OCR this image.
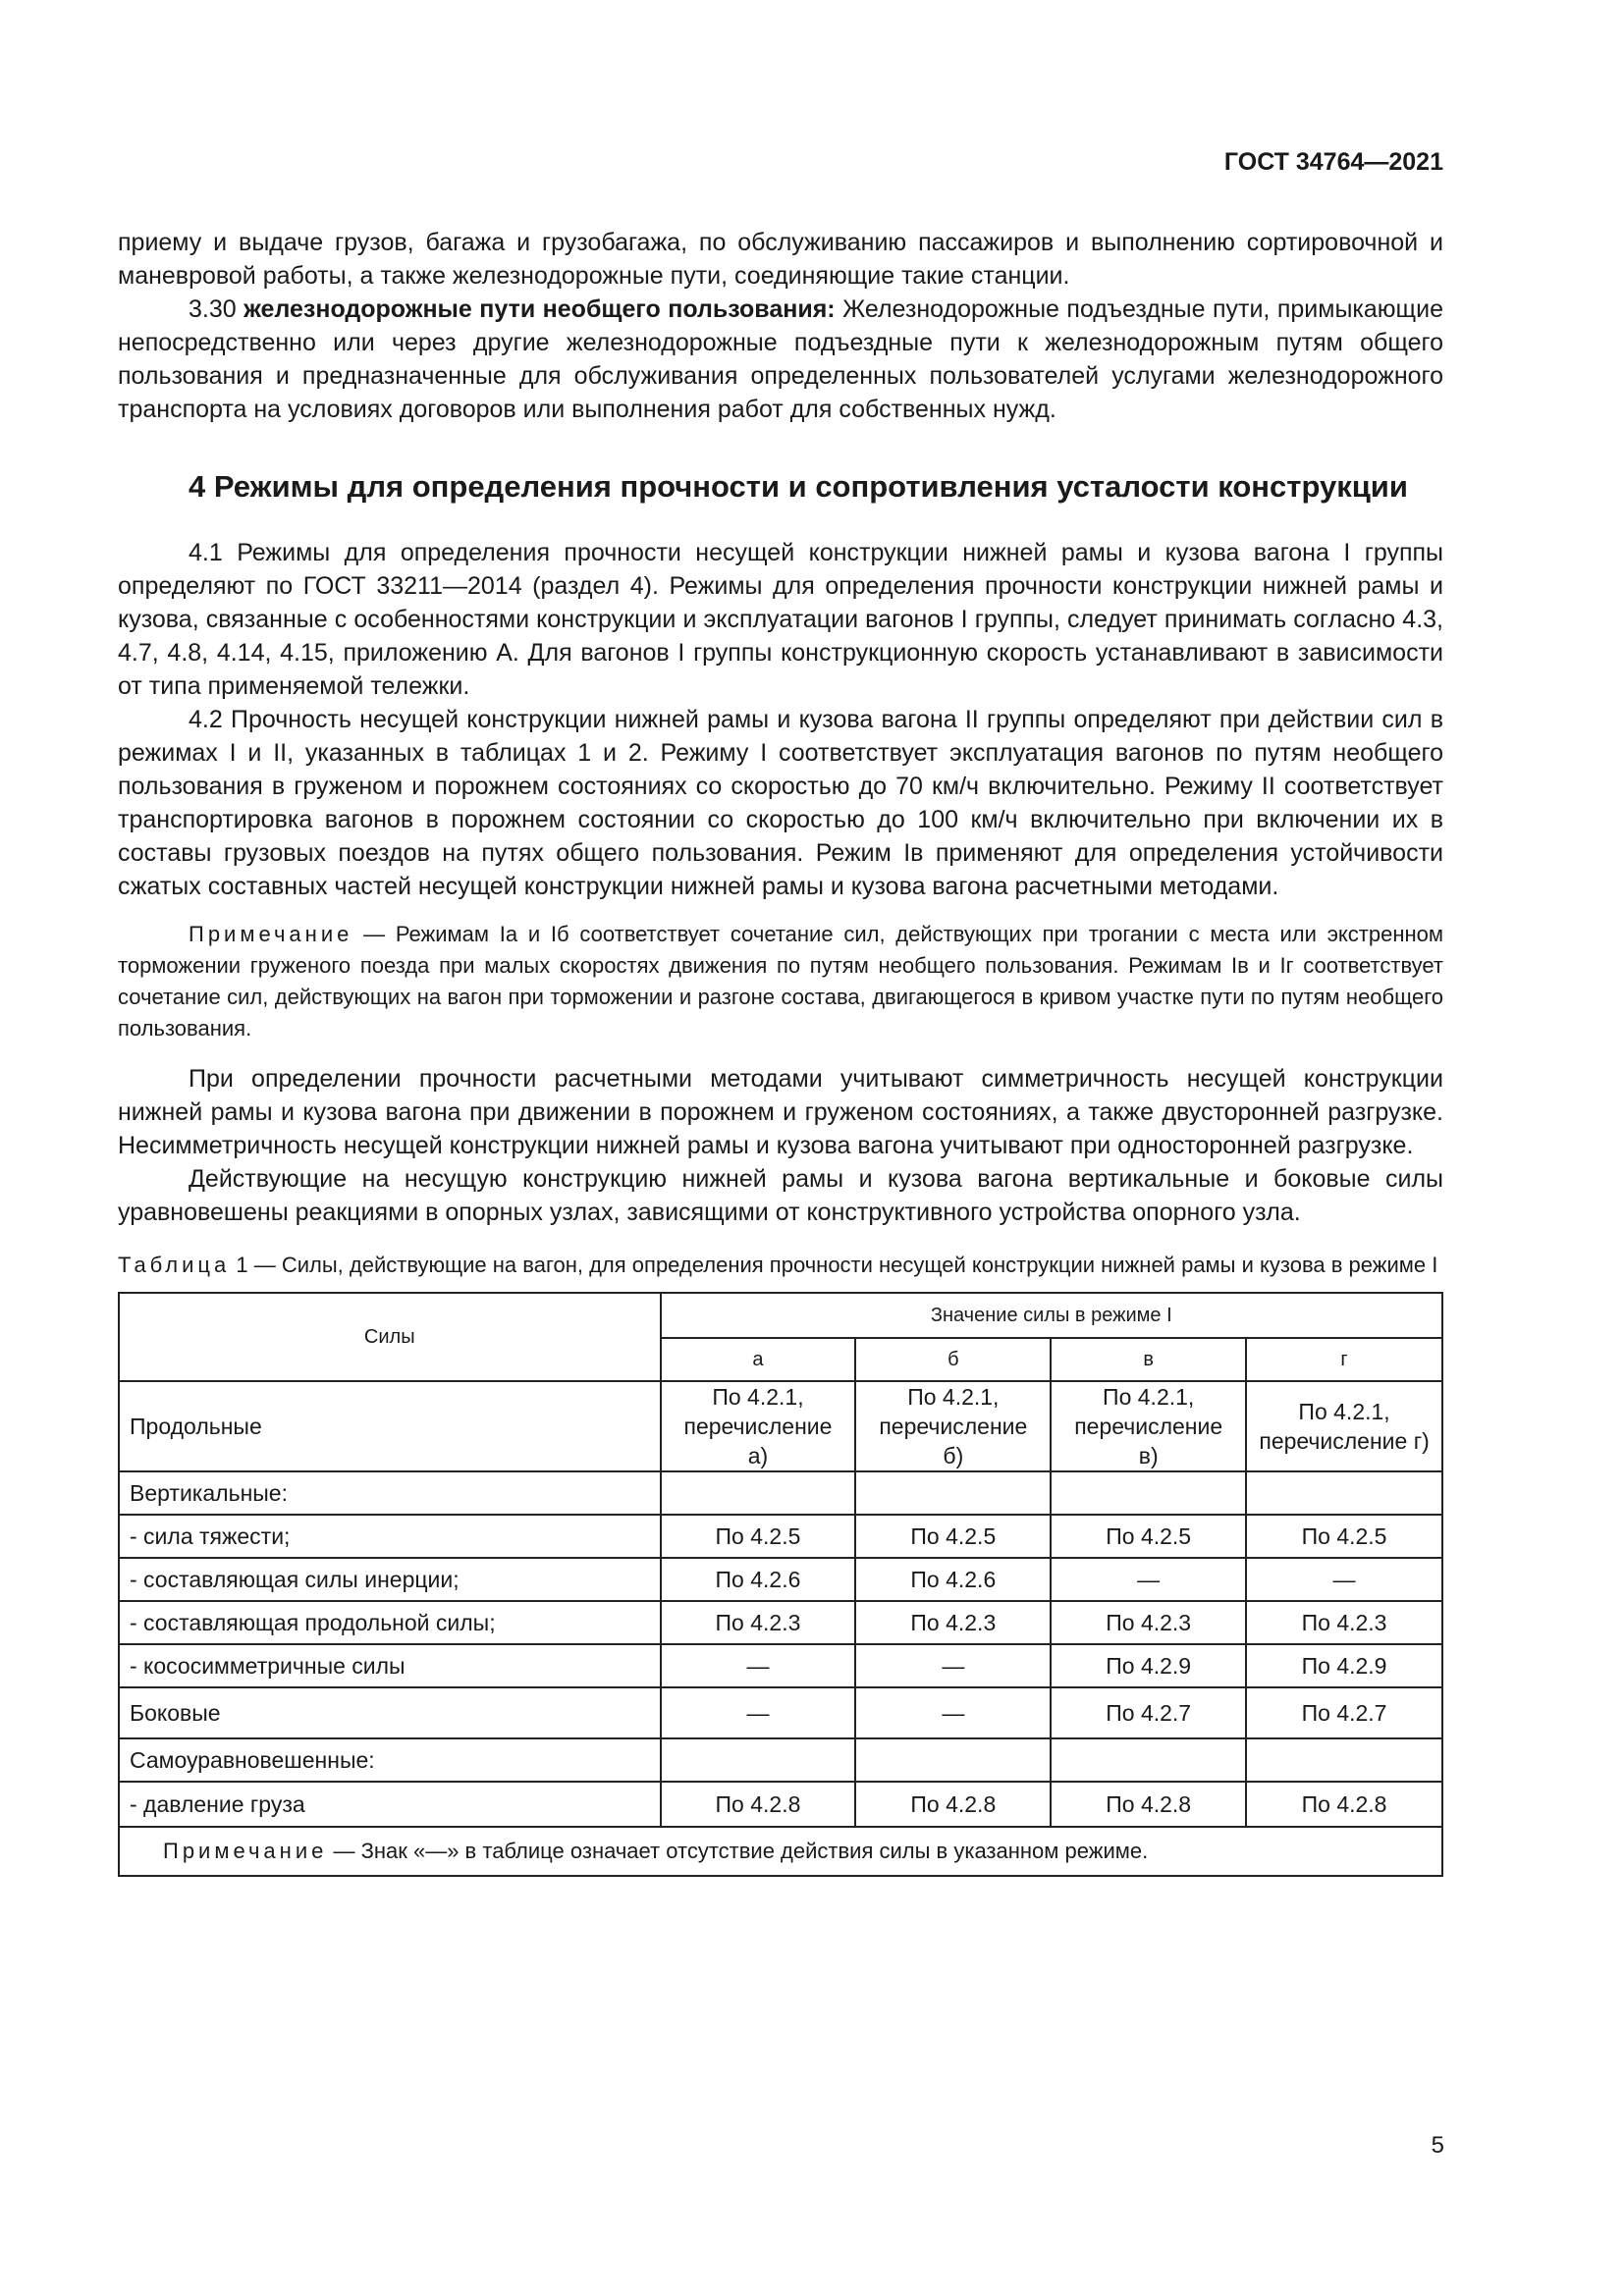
ГОСТ 34764—2021

приему и выдаче грузов, багажа и грузобагажа, по обслуживанию пассажиров и выполнению сортировочной и маневровой работы, а также железнодорожные пути, соединяющие такие станции.

3.30 железнодорожные пути необщего пользования: Железнодорожные подъездные пути, примыкающие непосредственно или через другие железнодорожные подъездные пути к железнодорожным путям общего пользования и предназначенные для обслуживания определенных пользователей услугами железнодорожного транспорта на условиях договоров или выполнения работ для собственных нужд.

4 Режимы для определения прочности и сопротивления усталости конструкции

4.1 Режимы для определения прочности несущей конструкции нижней рамы и кузова вагона I группы определяют по ГОСТ 33211—2014 (раздел 4). Режимы для определения прочности конструкции нижней рамы и кузова, связанные с особенностями конструкции и эксплуатации вагонов I группы, следует принимать согласно 4.3, 4.7, 4.8, 4.14, 4.15, приложению А. Для вагонов I группы конструкционную скорость устанавливают в зависимости от типа применяемой тележки.

4.2 Прочность несущей конструкции нижней рамы и кузова вагона II группы определяют при действии сил в режимах I и II, указанных в таблицах 1 и 2. Режиму I соответствует эксплуатация вагонов по путям необщего пользования в груженом и порожнем состояниях со скоростью до 70 км/ч включительно. Режиму II соответствует транспортировка вагонов в порожнем состоянии со скоростью до 100 км/ч включительно при включении их в составы грузовых поездов на путях общего пользования. Режим Iв применяют для определения устойчивости сжатых составных частей несущей конструкции нижней рамы и кузова вагона расчетными методами.

Примечание — Режимам Iа и Iб соответствует сочетание сил, действующих при трогании с места или экстренном торможении груженого поезда при малых скоростях движения по путям необщего пользования. Режимам Iв и Iг соответствует сочетание сил, действующих на вагон при торможении и разгоне состава, двигающегося в кривом участке пути по путям необщего пользования.

При определении прочности расчетными методами учитывают симметричность несущей конструкции нижней рамы и кузова вагона при движении в порожнем и груженом состояниях, а также двусторонней разгрузке. Несимметричность несущей конструкции нижней рамы и кузова вагона учитывают при односторонней разгрузке.

Действующие на несущую конструкцию нижней рамы и кузова вагона вертикальные и боковые силы уравновешены реакциями в опорных узлах, зависящими от конструктивного устройства опорного узла.

Таблица 1 — Силы, действующие на вагон, для определения прочности несущей конструкции нижней рамы и кузова в режиме I

Силы	Значение силы в режиме I			
	а	б	в	г
Продольные	По 4.2.1, перечисление а)	По 4.2.1, перечисление б)	По 4.2.1, перечисление в)	По 4.2.1, перечисление г)
Вертикальные:				
- сила тяжести;	По 4.2.5	По 4.2.5	По 4.2.5	По 4.2.5
- составляющая силы инерции;	По 4.2.6	По 4.2.6	—	—
- составляющая продольной силы;	По 4.2.3	По 4.2.3	По 4.2.3	По 4.2.3
- кососимметричные силы	—	—	По 4.2.9	По 4.2.9
Боковые	—	—	По 4.2.7	По 4.2.7
Самоуравновешенные:				
- давление груза	По 4.2.8	По 4.2.8	По 4.2.8	По 4.2.8
Примечание — Знак «—» в таблице означает отсутствие действия силы в указанном режиме.				
5
